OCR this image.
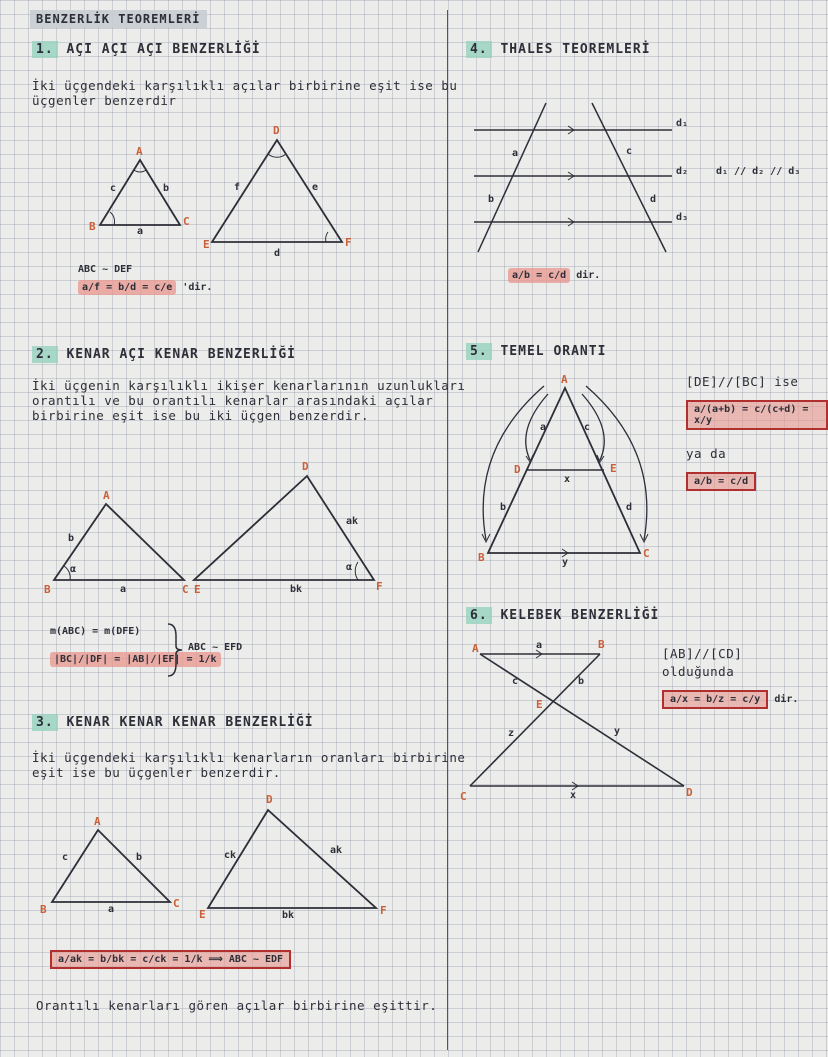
BENZERLİK TEOREMLERİ
1. AÇI AÇI AÇI BENZERLİĞİ
İki üçgendeki karşılıklı açılar birbirine eşit ise bu
üçgenler benzerdir
A
B	C
a
b
c
D
E	F
d
e
f
ABC ~ DEF
a/f = b/d = c/e 'dir.
2. KENAR AÇI KENAR BENZERLİĞİ
İki üçgenin karşılıklı ikişer kenarlarının uzunlukları
orantılı ve bu orantılı kenarlar arasındaki açılar
birbirine eşit ise bu iki üçgen benzerdir.
A
B	C
a
b
α
D
E	F
bk
ak
α
m(ABC) = m(DFE)
|BC|/|DF| = |AB|/|EF| = 1/k
ABC ~ EFD
3. KENAR KENAR KENAR BENZERLİĞİ
İki üçgendeki karşılıklı kenarların oranları birbirine
eşit ise bu üçgenler benzerdir.
A
B	C
a
b
c
D
E	F
bk
ak
ck
a/ak = b/bk = c/ck = 1/k ⟹ ABC ~ EDF
Orantılı kenarları gören açılar birbirine eşittir.
4. THALES TEOREMLERİ
d₁
d₂
d₃
a
b
c
d
d₁ // d₂ // d₃
a/b = c/d dir.
5. TEMEL ORANTI
A
B	C
D	E
a
b
c
d
x
y
[DE]//[BC] ise
a/(a+b) = c/(c+d) = x/y
ya da
a/b = c/d
6. KELEBEK BENZERLİĞİ
A	B
C	D
E
a
b
c
x
y
z
[AB]//[CD]
olduğunda
a/x = b/z = c/y dir.
